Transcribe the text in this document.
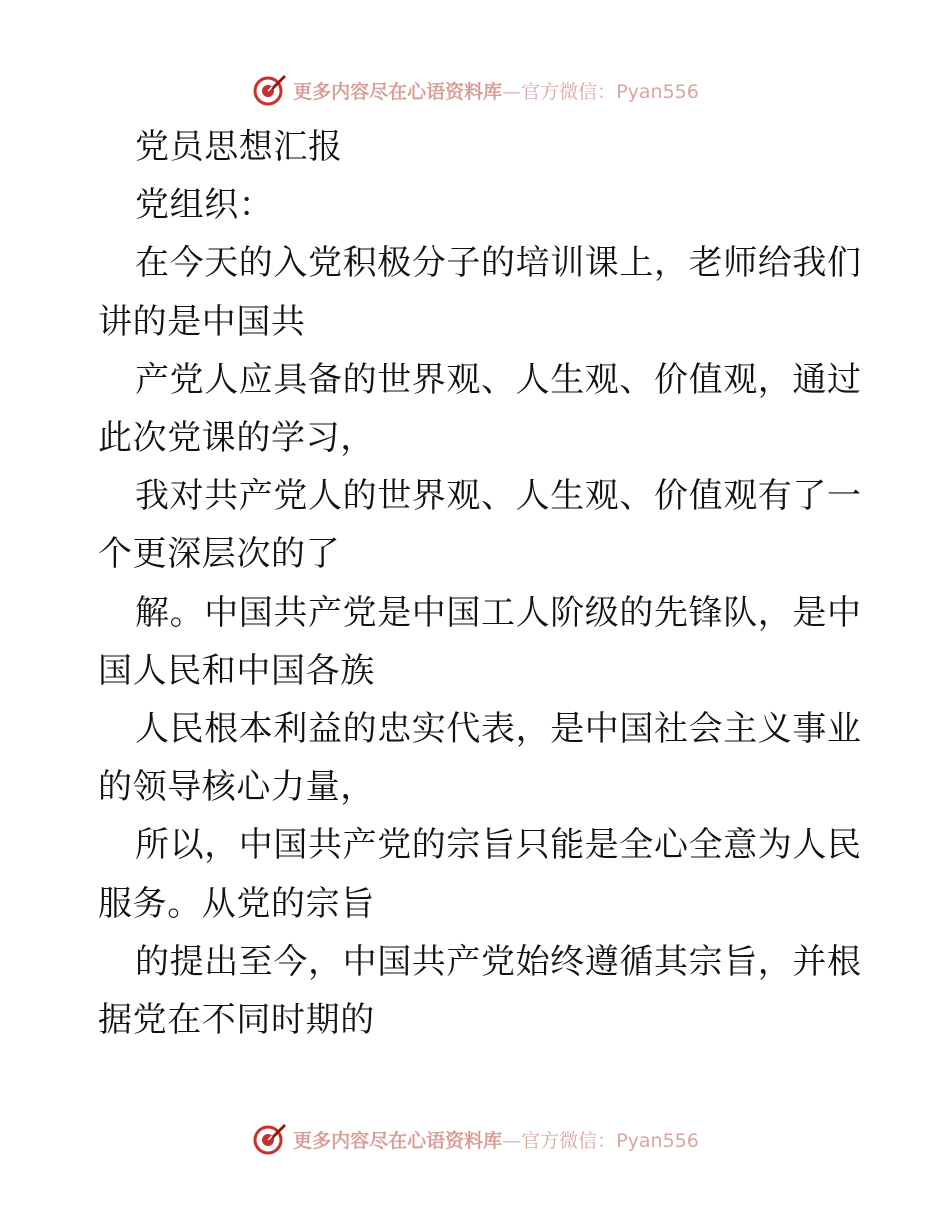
更多内容尽在心语资料库—官方微信：Pyan556
党员思想汇报
党组织：
在今天的入党积极分子的培训课上，老师给我们
讲的是中国共
产党人应具备的世界观、人生观、价值观，通过
此次党课的学习，
我对共产党人的世界观、人生观、价值观有了一
个更深层次的了
解。中国共产党是中国工人阶级的先锋队，是中
国人民和中国各族
人民根本利益的忠实代表，是中国社会主义事业
的领导核心力量，
所以，中国共产党的宗旨只能是全心全意为人民
服务。从党的宗旨
的提出至今，中国共产党始终遵循其宗旨，并根
据党在不同时期的
更多内容尽在心语资料库—官方微信：Pyan556
